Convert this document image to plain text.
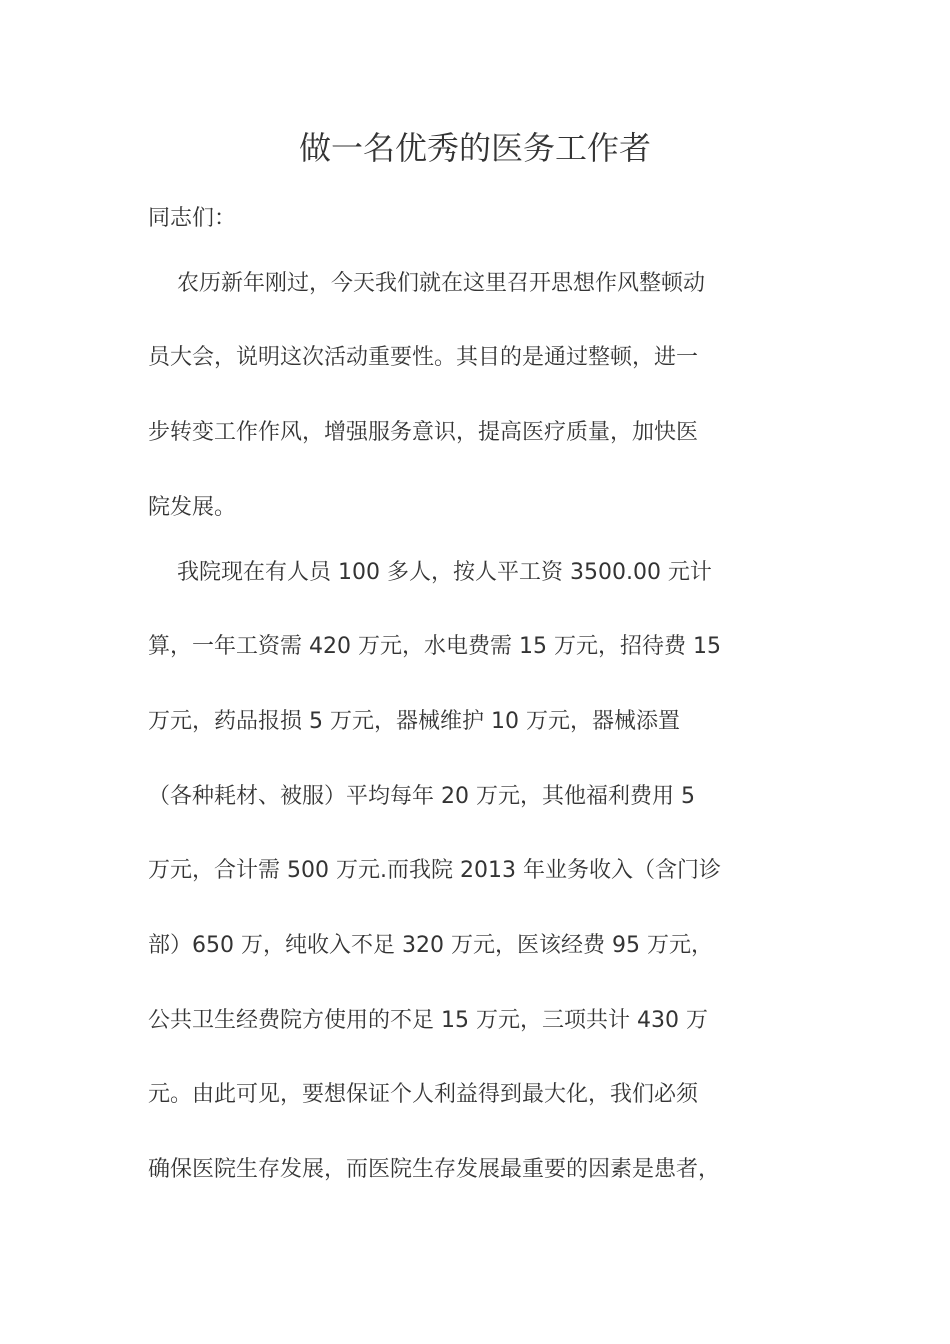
做一名优秀的医务工作者

同志们：

　 农历新年刚过，今天我们就在这里召开思想作风整顿动

员大会，说明这次活动重要性。其目的是通过整顿，进一

步转变工作作风，增强服务意识，提高医疗质量，加快医

院发展。

　 我院现在有人员 100 多人，按人平工资 3500.00 元计

算，一年工资需 420 万元，水电费需 15 万元，招待费 15

万元，药品报损 5 万元，器械维护 10 万元，器械添置

（各种耗材、被服）平均每年 20 万元，其他福利费用 5

万元，合计需 500 万元.而我院 2013 年业务收入（含门诊

部）650 万，纯收入不足 320 万元，医该经费 95 万元，

公共卫生经费院方使用的不足 15 万元，三项共计 430 万

元。由此可见，要想保证个人利益得到最大化，我们必须

确保医院生存发展，而医院生存发展最重要的因素是患者，
